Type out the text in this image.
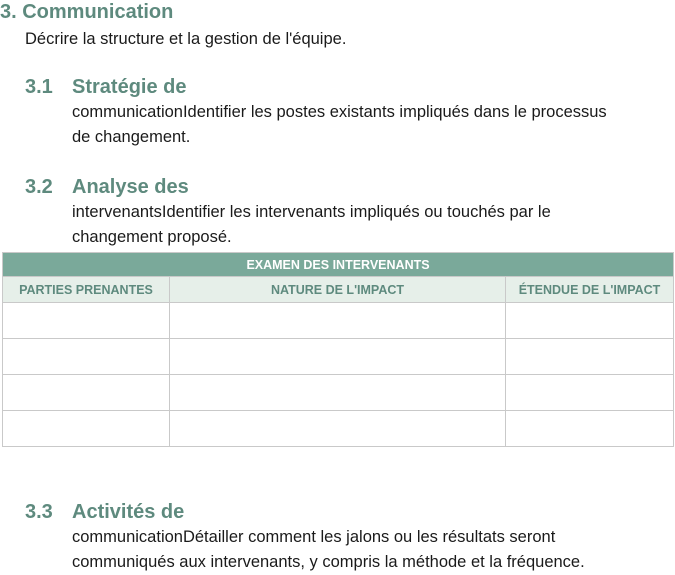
3. Communication
Décrire la structure et la gestion de l'équipe.
3.1 Stratégie de
communicationIdentifier les postes existants impliqués dans le processus
de changement.
3.2 Analyse des
intervenantsIdentifier les intervenants impliqués ou touchés par le
changement proposé.
EXAMEN DES INTERVENANTS		
PARTIES PRENANTES	NATURE DE L'IMPACT	ÉTENDUE DE L'IMPACT

3.3 Activités de
communicationDétailler comment les jalons ou les résultats seront
communiqués aux intervenants, y compris la méthode et la fréquence.
